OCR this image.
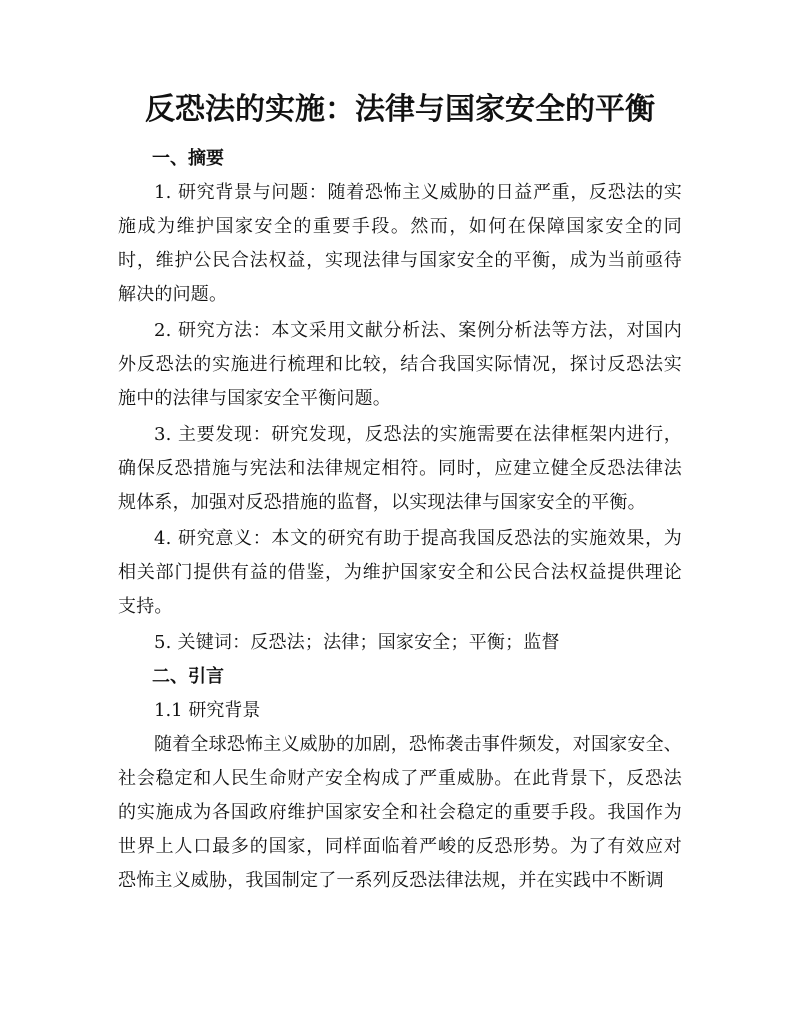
反恐法的实施：法律与国家安全的平衡

一、摘要

1. 研究背景与问题：随着恐怖主义威胁的日益严重，反恐法的实施成为维护国家安全的重要手段。然而，如何在保障国家安全的同时，维护公民合法权益，实现法律与国家安全的平衡，成为当前亟待解决的问题。

2. 研究方法：本文采用文献分析法、案例分析法等方法，对国内外反恐法的实施进行梳理和比较，结合我国实际情况，探讨反恐法实施中的法律与国家安全平衡问题。

3. 主要发现：研究发现，反恐法的实施需要在法律框架内进行，确保反恐措施与宪法和法律规定相符。同时，应建立健全反恐法律法规体系，加强对反恐措施的监督，以实现法律与国家安全的平衡。

4. 研究意义：本文的研究有助于提高我国反恐法的实施效果，为相关部门提供有益的借鉴，为维护国家安全和公民合法权益提供理论支持。

5. 关键词：反恐法；法律；国家安全；平衡；监督

二、引言

1.1 研究背景

随着全球恐怖主义威胁的加剧，恐怖袭击事件频发，对国家安全、社会稳定和人民生命财产安全构成了严重威胁。在此背景下，反恐法的实施成为各国政府维护国家安全和社会稳定的重要手段。我国作为世界上人口最多的国家，同样面临着严峻的反恐形势。为了有效应对恐怖主义威胁，我国制定了一系列反恐法律法规，并在实践中不断调
